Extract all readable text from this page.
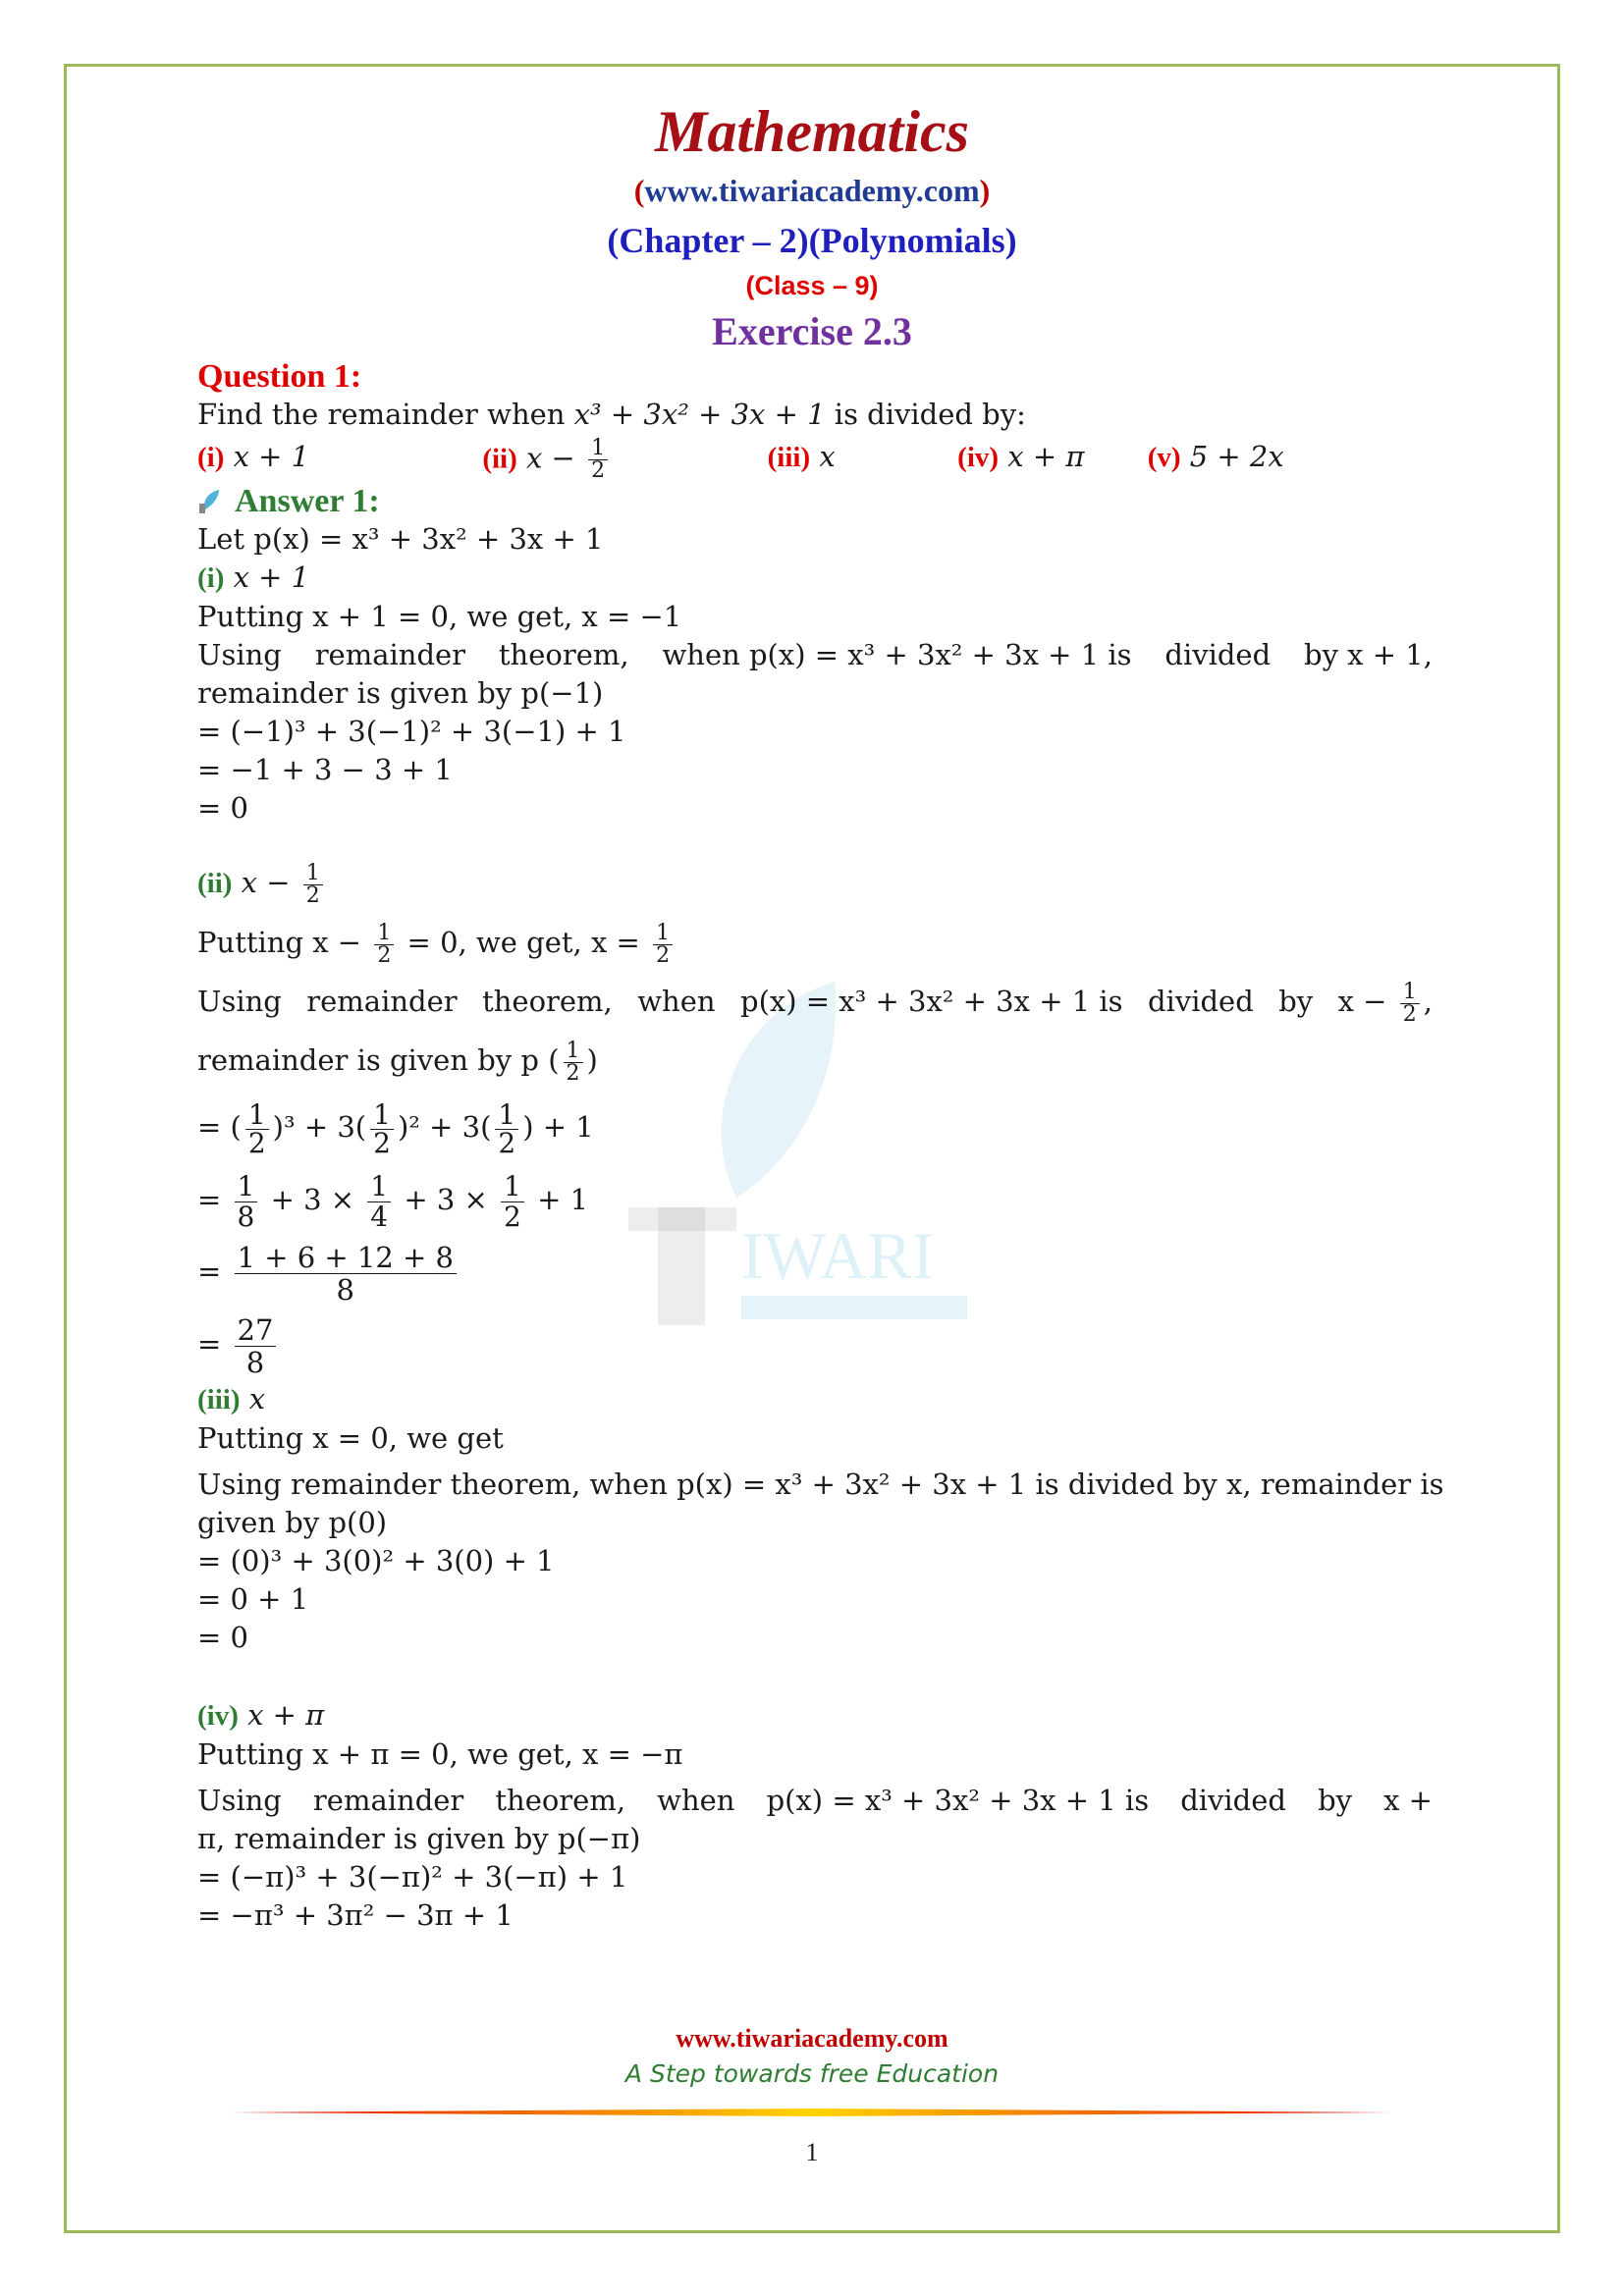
Mathematics
(www.tiwariacademy.com)
(Chapter – 2)(Polynomials)
(Class – 9)
Exercise 2.3
IWARI
Question 1:
Find the remainder when x³ + 3x² + 3x + 1 is divided by:
(i) x + 1	(ii) $x - \frac{1}{2}$	(iii) x	(iv) x + π	(v) 5 + 2x
Answer 1:
Let p(x) = x³ + 3x² + 3x + 1
(i) x + 1
Putting x + 1 = 0, we get, x = −1
Using remainder theorem, when p(x) = x³ + 3x² + 3x + 1 is divided by x + 1,
remainder is given by p(−1)
= (−1)³ + 3(−1)² + 3(−1) + 1
= −1 + 3 − 3 + 1
= 0
(ii) $x - \frac{1}{2}$
Putting $x - \frac{1}{2} = 0$, we get, $x = \frac{1}{2}$
Using remainder theorem, when p(x) = x³ + 3x² + 3x + 1 is divided by $x - \frac{1}{2}$ ,
remainder is given by p ( $\frac{1}{2}$ )
= ( $\frac{1}{2} )^3 + 3( \frac{1}{2} )^2 + 3( \frac{1}{2}$ ) + 1
= $\frac{1}{8} + 3 \times \frac{1}{4} + 3 \times \frac{1}{2} + 1$
= $\frac{1 + 6 + 12 + 8}{8}$
= $\frac{27}{8}$
(iii) x
Putting x = 0, we get
Using remainder theorem, when p(x) = x³ + 3x² + 3x + 1 is divided by x, remainder is
given by p(0)
= (0)³ + 3(0)² + 3(0) + 1
= 0 + 1
= 0
(iv) x + π
Putting x + π = 0, we get, x = −π
Using remainder theorem, when p(x) = x³ + 3x² + 3x + 1 is divided by x +
π, remainder is given by p(−π)
= (−π)³ + 3(−π)² + 3(−π) + 1
= −π³ + 3π² − 3π + 1
www.tiwariacademy.com
A Step towards free Education
1
